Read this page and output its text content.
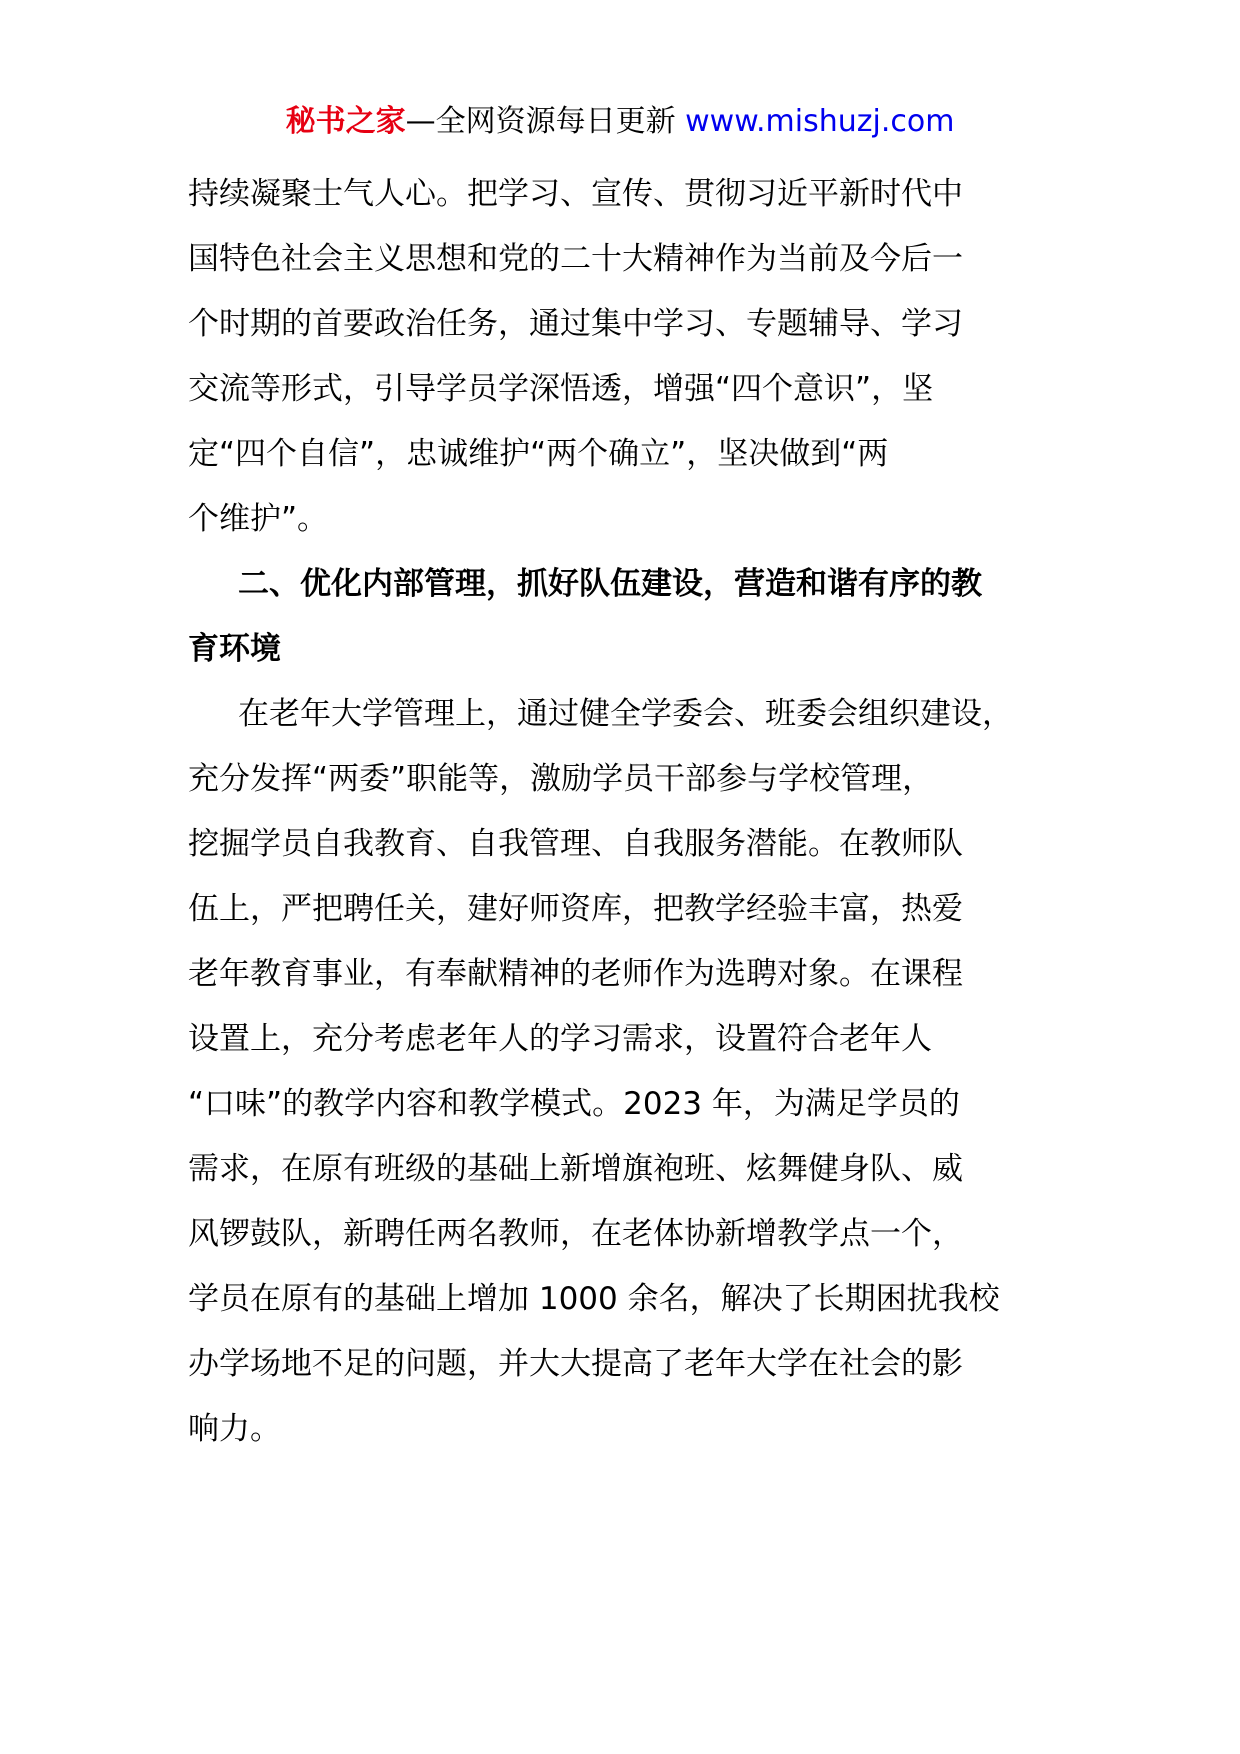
秘书之家—全网资源每日更新 www.mishuzj.com
持续凝聚士气人心。把学习、宣传、贯彻习近平新时代中
国特色社会主义思想和党的二十大精神作为当前及今后一
个时期的首要政治任务，通过集中学习、专题辅导、学习
交流等形式，引导学员学深悟透，增强“四个意识”，坚
定“四个自信”，忠诚维护“两个确立”，坚决做到“两
个维护”。
二、优化内部管理，抓好队伍建设，营造和谐有序的教
育环境
在老年大学管理上，通过健全学委会、班委会组织建设，
充分发挥“两委”职能等，激励学员干部参与学校管理，
挖掘学员自我教育、自我管理、自我服务潜能。在教师队
伍上，严把聘任关，建好师资库，把教学经验丰富，热爱
老年教育事业，有奉献精神的老师作为选聘对象。在课程
设置上，充分考虑老年人的学习需求，设置符合老年人
“口味”的教学内容和教学模式。2023 年，为满足学员的
需求，在原有班级的基础上新增旗袍班、炫舞健身队、威
风锣鼓队，新聘任两名教师，在老体协新增教学点一个，
学员在原有的基础上增加 1000 余名，解决了长期困扰我校
办学场地不足的问题，并大大提高了老年大学在社会的影
响力。
